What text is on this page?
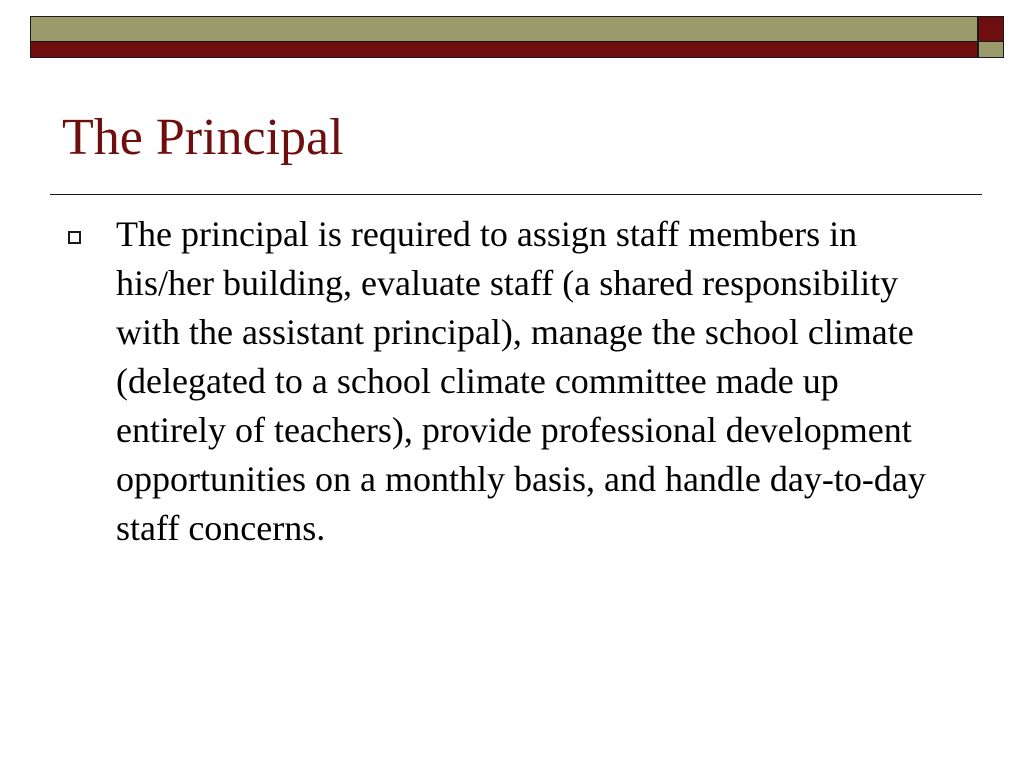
The Principal
The principal is required to assign staff members in his/her building, evaluate staff (a shared responsibility with the assistant principal), manage the school climate (delegated to a school climate committee made up entirely of teachers), provide professional development opportunities on a monthly basis, and handle day-to-day staff concerns.
